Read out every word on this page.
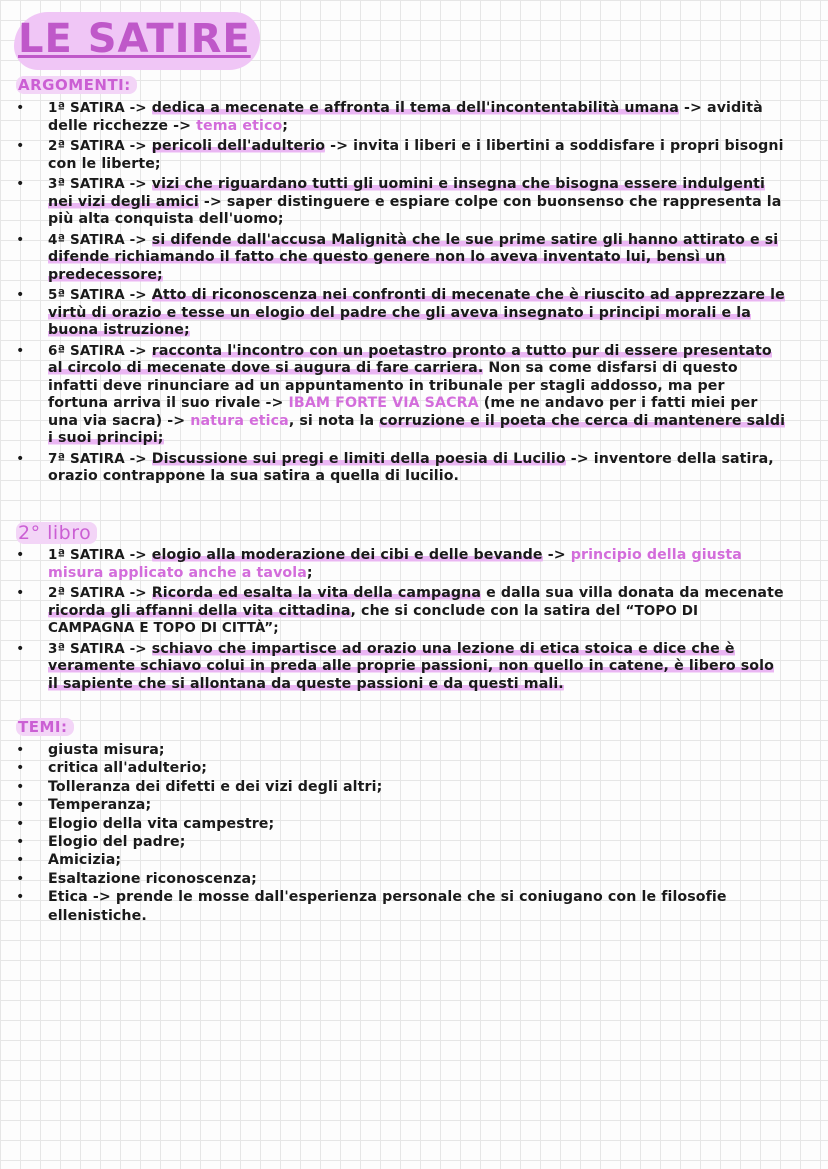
LE SATIRE
ARGOMENTI:
• 1ª SATIRA -> dedica a mecenate e affronta il tema dell'incontentabilità umana -> avidità delle ricchezze -> tema etico;
• 2ª SATIRA -> pericoli dell'adulterio -> invita i liberi e i libertini a soddisfare i propri bisogni con le liberte;
• 3ª SATIRA -> vizi che riguardano tutti gli uomini e insegna che bisogna essere indulgenti nei vizi degli amici -> saper distinguere e espiare colpe con buonsenso che rappresenta la più alta conquista dell'uomo;
• 4ª SATIRA -> si difende dall'accusa Malignità che le sue prime satire gli hanno attirato e si difende richiamando il fatto che questo genere non lo aveva inventato lui, bensì un predecessore;
• 5ª SATIRA -> Atto di riconoscenza nei confronti di mecenate che è riuscito ad apprezzare le virtù di orazio e tesse un elogio del padre che gli aveva insegnato i principi morali e la buona istruzione;
• 6ª SATIRA -> racconta l'incontro con un poetastro pronto a tutto pur di essere presentato al circolo di mecenate dove si augura di fare carriera. Non sa come disfarsi di questo infatti deve rinunciare ad un appuntamento in tribunale per stagli addosso, ma per fortuna arriva il suo rivale -> IBAM FORTE VIA SACRA (me ne andavo per i fatti miei per una via sacra) -> natura etica, si nota la corruzione e il poeta che cerca di mantenere saldi i suoi principi;
• 7ª SATIRA -> Discussione sui pregi e limiti della poesia di Lucilio -> inventore della satira, orazio contrappone la sua satira a quella di lucilio.
2° libro
• 1ª SATIRA -> elogio alla moderazione dei cibi e delle bevande -> principio della giusta misura applicato anche a tavola;
• 2ª SATIRA -> Ricorda ed esalta la vita della campagna e dalla sua villa donata da mecenate ricorda gli affanni della vita cittadina, che si conclude con la satira del “TOPO DI CAMPAGNA E TOPO DI CITTÀ”;
• 3ª SATIRA -> schiavo che impartisce ad orazio una lezione di etica stoica e dice che è veramente schiavo colui in preda alle proprie passioni, non quello in catene, è libero solo il sapiente che si allontana da queste passioni e da questi mali.
TEMI:
• giusta misura;
• critica all'adulterio;
• Tolleranza dei difetti e dei vizi degli altri;
• Temperanza;
• Elogio della vita campestre;
• Elogio del padre;
• Amicizia;
• Esaltazione riconoscenza;
• Etica -> prende le mosse dall'esperienza personale che si coniugano con le filosofie ellenistiche.
